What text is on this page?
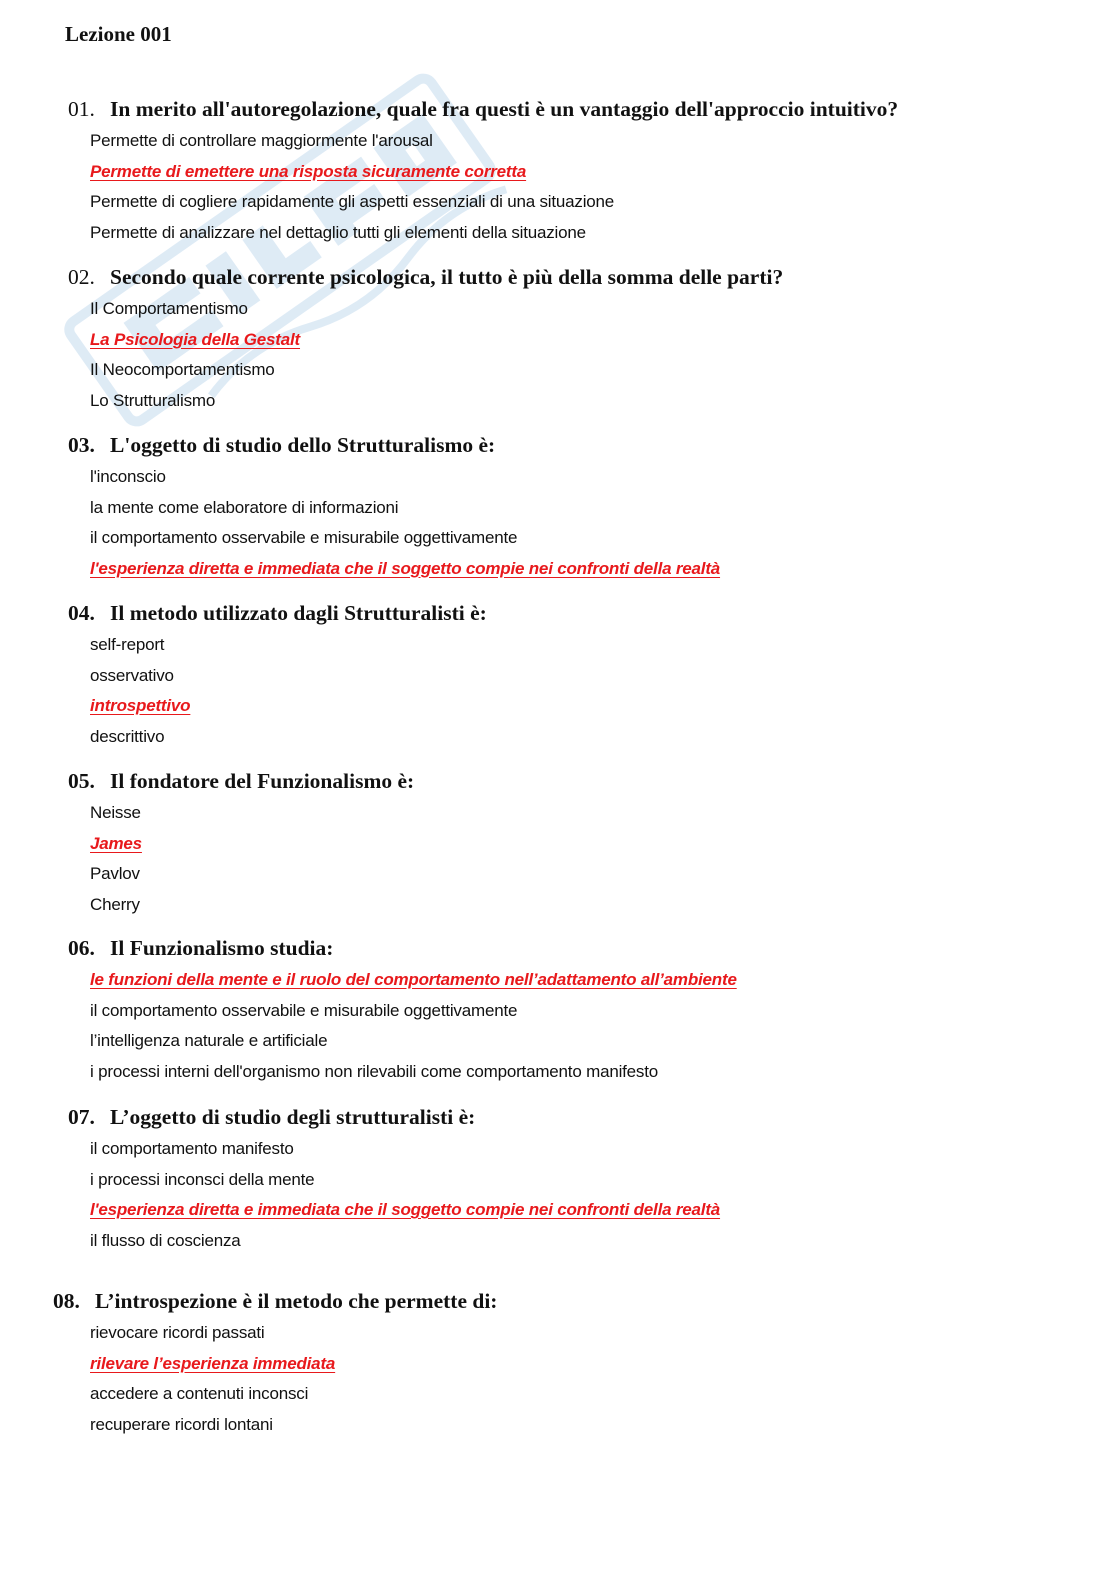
Lezione 001
01. In merito all'autoregolazione, quale fra questi è un vantaggio dell'approccio intuitivo?
Permette di controllare maggiormente l'arousal
Permette di emettere una risposta sicuramente corretta
Permette di cogliere rapidamente gli aspetti essenziali di una situazione
Permette di analizzare nel dettaglio tutti gli elementi della situazione
02. Secondo quale corrente psicologica, il tutto è più della somma delle parti?
Il Comportamentismo
La Psicologia della Gestalt
Il Neocomportamentismo
Lo Strutturalismo
03. L'oggetto di studio dello Strutturalismo è:
l'inconscio
la mente come elaboratore di informazioni
il comportamento osservabile e misurabile oggettivamente
l'esperienza diretta e immediata che il soggetto compie nei confronti della realtà
04. Il metodo utilizzato dagli Strutturalisti è:
self-report
osservativo
introspettivo
descrittivo
05. Il fondatore del Funzionalismo è:
Neisse
James
Pavlov
Cherry
06. Il Funzionalismo studia:
le funzioni della mente e il ruolo del comportamento nell’adattamento all’ambiente
il comportamento osservabile e misurabile oggettivamente
l’intelligenza naturale e artificiale
i processi interni dell'organismo non rilevabili come comportamento manifesto
07. L’oggetto di studio degli strutturalisti è:
il comportamento manifesto
i processi inconsci della mente
l'esperienza diretta e immediata che il soggetto compie nei confronti della realtà
il flusso di coscienza
08. L’introspezione è il metodo che permette di:
rievocare ricordi passati
rilevare l’esperienza immediata
accedere a contenuti inconsci
recuperare ricordi lontani
